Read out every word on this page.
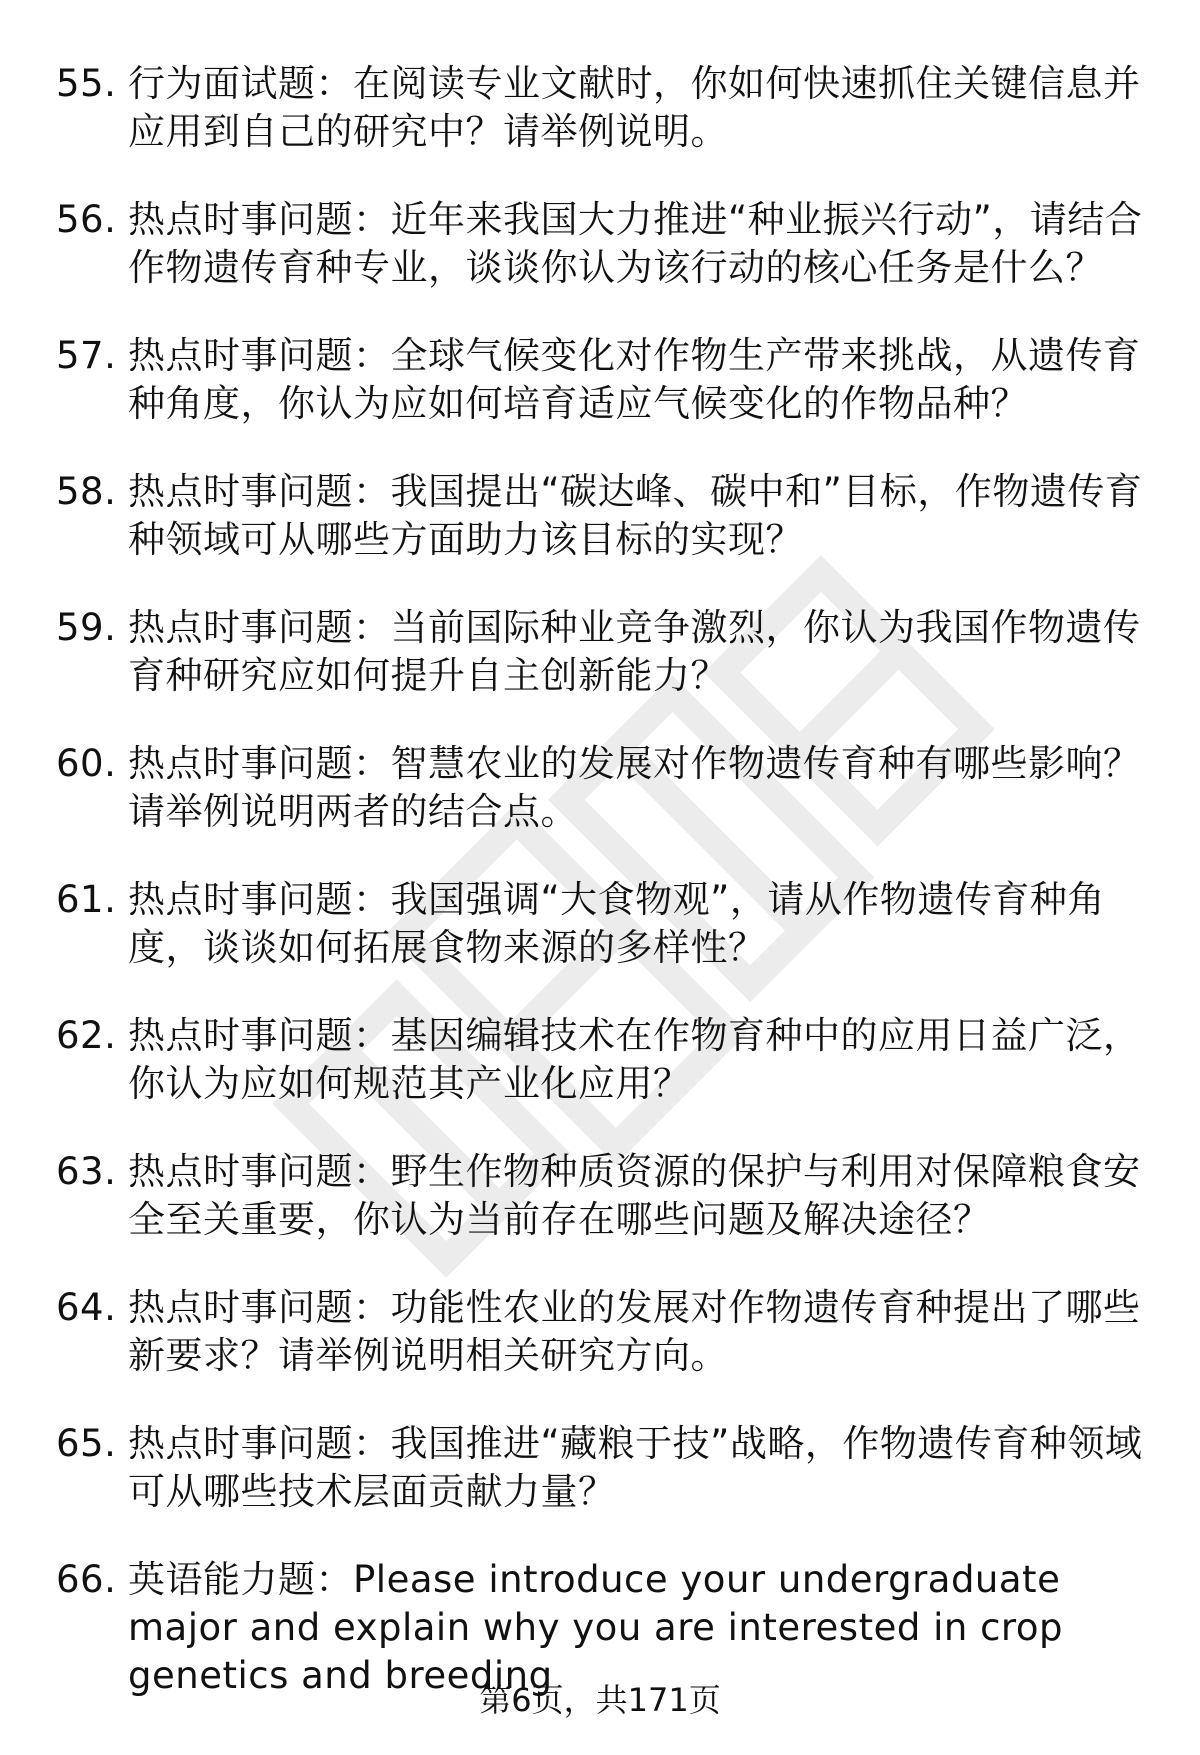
55. 行为面试题：在阅读专业文献时，你如何快速抓住关键信息并应用到自己的研究中？请举例说明。
56. 热点时事问题：近年来我国大力推进“种业振兴行动”，请结合作物遗传育种专业，谈谈你认为该行动的核心任务是什么？
57. 热点时事问题：全球气候变化对作物生产带来挑战，从遗传育种角度，你认为应如何培育适应气候变化的作物品种？
58. 热点时事问题：我国提出“碳达峰、碳中和”目标，作物遗传育种领域可从哪些方面助力该目标的实现？
59. 热点时事问题：当前国际种业竞争激烈，你认为我国作物遗传育种研究应如何提升自主创新能力？
60. 热点时事问题：智慧农业的发展对作物遗传育种有哪些影响？请举例说明两者的结合点。
61. 热点时事问题：我国强调“大食物观”，请从作物遗传育种角度，谈谈如何拓展食物来源的多样性？
62. 热点时事问题：基因编辑技术在作物育种中的应用日益广泛，你认为应如何规范其产业化应用？
63. 热点时事问题：野生作物种质资源的保护与利用对保障粮食安全至关重要，你认为当前存在哪些问题及解决途径？
64. 热点时事问题：功能性农业的发展对作物遗传育种提出了哪些新要求？请举例说明相关研究方向。
65. 热点时事问题：我国推进“藏粮于技”战略，作物遗传育种领域可从哪些技术层面贡献力量？
66. 英语能力题：Please introduce your undergraduate major and explain why you are interested in crop genetics and breeding
第6页，共171页
